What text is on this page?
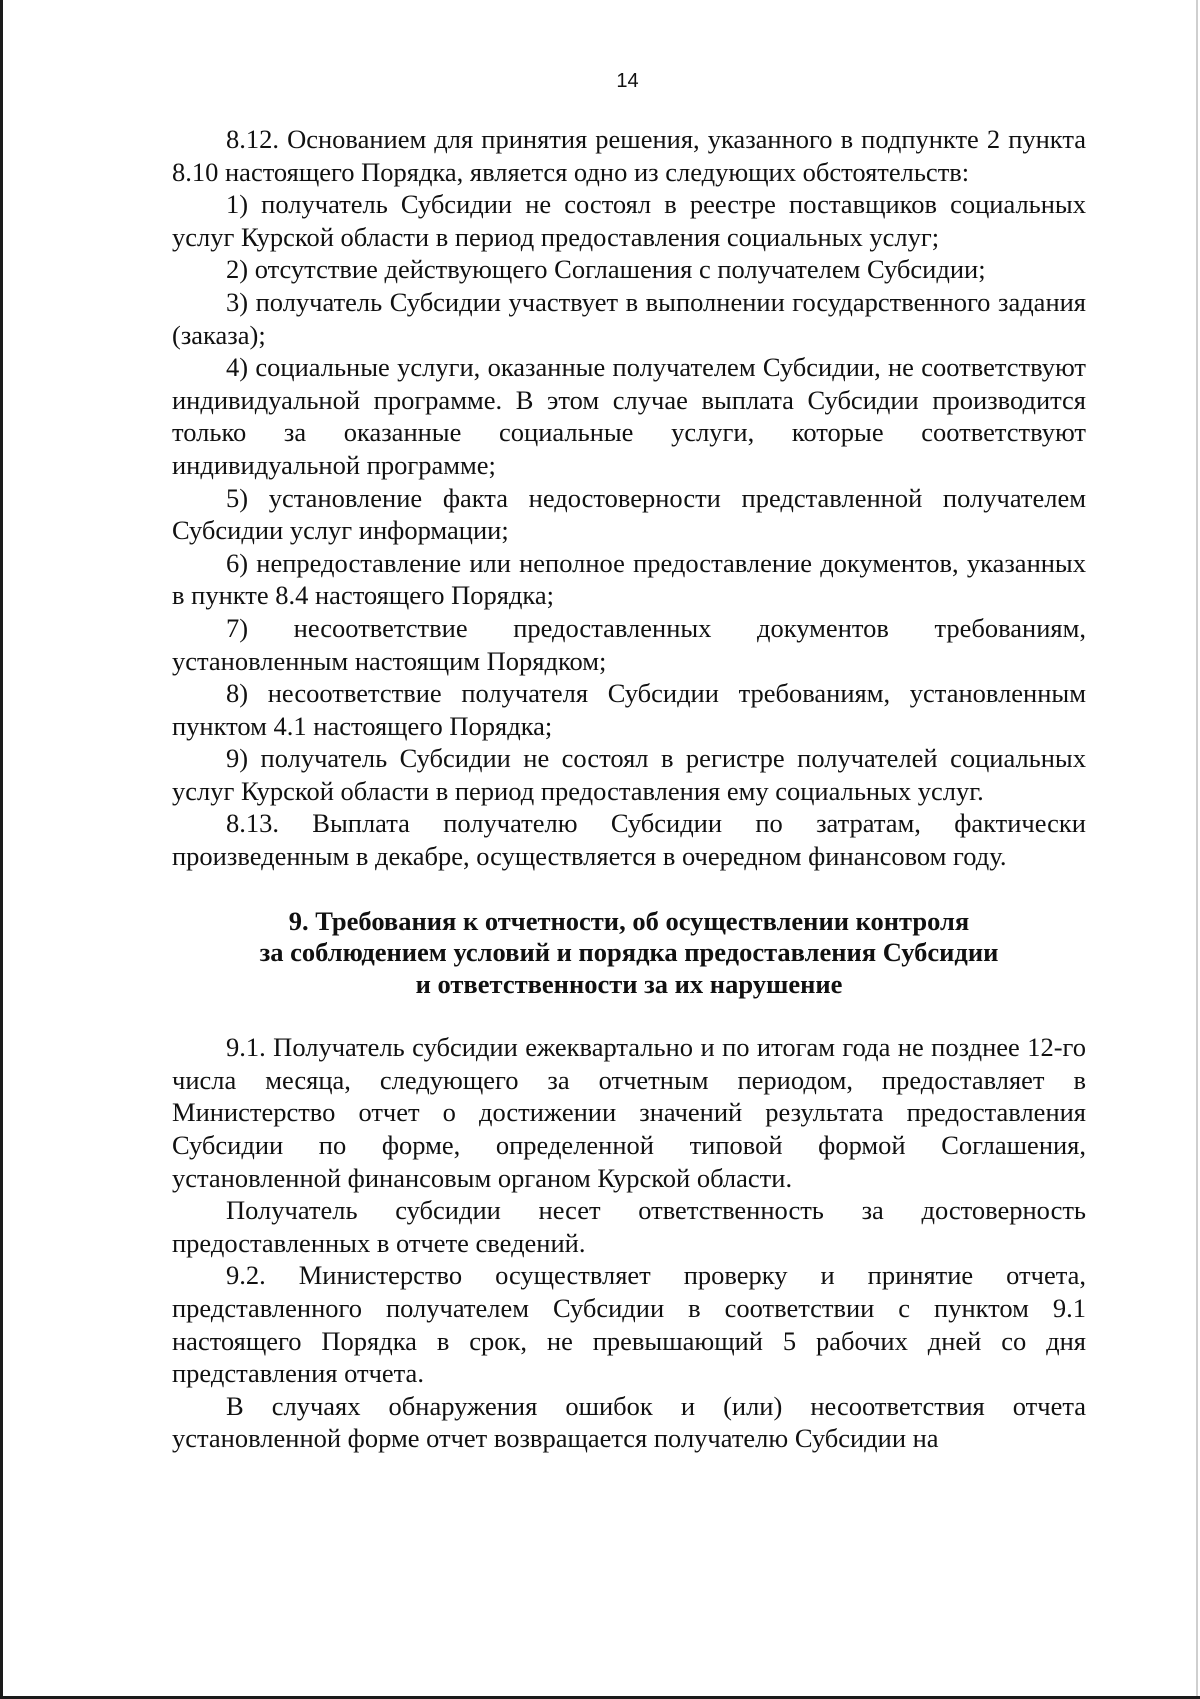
14

8.12. Основанием для принятия решения, указанного в подпункте 2 пункта 8.10 настоящего Порядка, является одно из следующих обстоятельств:

1) получатель Субсидии не состоял в реестре поставщиков социальных услуг Курской области в период предоставления социальных услуг;

2) отсутствие действующего Соглашения с получателем Субсидии;

3) получатель Субсидии участвует в выполнении государственного задания (заказа);

4) социальные услуги, оказанные получателем Субсидии, не соответствуют индивидуальной программе. В этом случае выплата Субсидии производится только за оказанные социальные услуги, которые соответствуют индивидуальной программе;

5) установление факта недостоверности представленной получателем Субсидии услуг информации;

6) непредоставление или неполное предоставление документов, указанных в пункте 8.4 настоящего Порядка;

7) несоответствие предоставленных документов требованиям, установленным настоящим Порядком;

8) несоответствие получателя Субсидии требованиям, установленным пунктом 4.1 настоящего Порядка;

9) получатель Субсидии не состоял в регистре получателей социальных услуг Курской области в период предоставления ему социальных услуг.

8.13. Выплата получателю Субсидии по затратам, фактически произведенным в декабре, осуществляется в очередном финансовом году.

9. Требования к отчетности, об осуществлении контроля
за соблюдением условий и порядка предоставления Субсидии
и ответственности за их нарушение

9.1. Получатель субсидии ежеквартально и по итогам года не позднее 12-го числа месяца, следующего за отчетным периодом, предоставляет в Министерство отчет о достижении значений результата предоставления Субсидии по форме, определенной типовой формой Соглашения, установленной финансовым органом Курской области.

Получатель субсидии несет ответственность за достоверность предоставленных в отчете сведений.

9.2. Министерство осуществляет проверку и принятие отчета, представленного получателем Субсидии в соответствии с пунктом 9.1 настоящего Порядка в срок, не превышающий 5 рабочих дней со дня представления отчета.

В случаях обнаружения ошибок и (или) несоответствия отчета установленной форме отчет возвращается получателю Субсидии на
